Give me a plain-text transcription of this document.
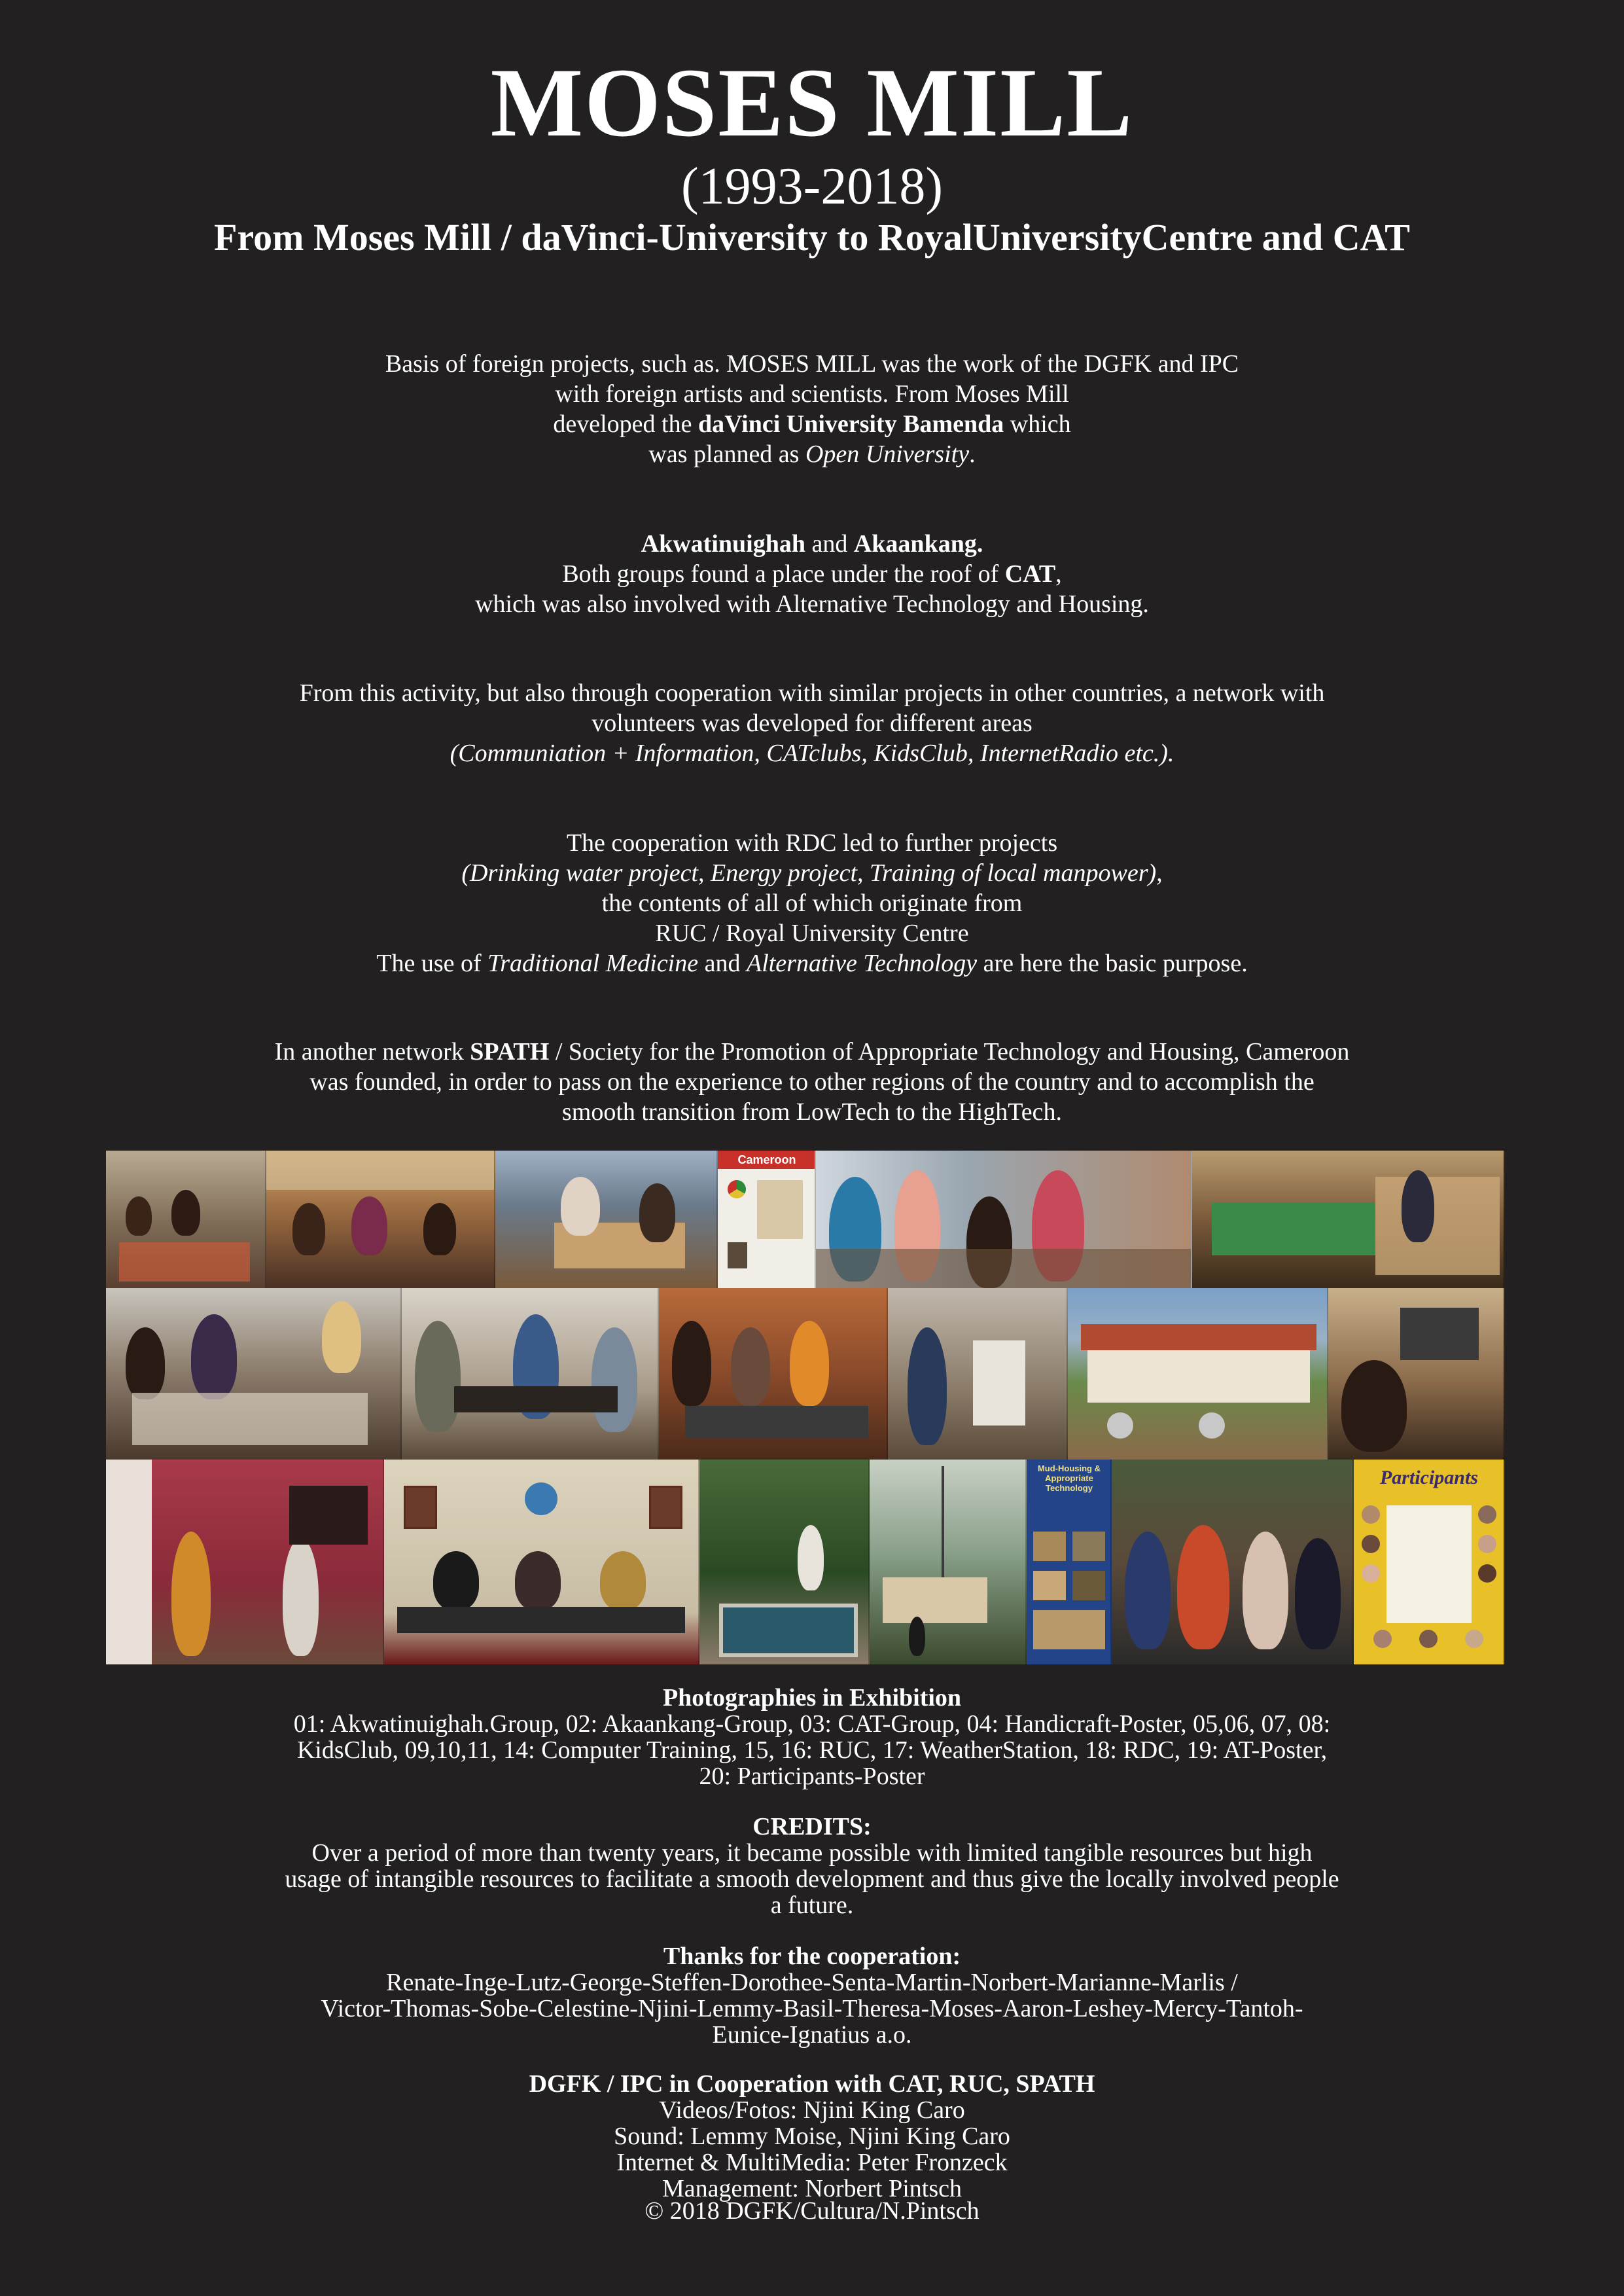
MOSES MILL
(1993-2018)
From Moses Mill / daVinci-University to RoyalUniversityCentre and CAT
Basis of foreign projects, such as. MOSES MILL was the work of the DGFK and IPC
with foreign artists and scientists. From Moses Mill
developed the daVinci University Bamenda which
was planned as Open University.
Akwatinuighah and Akaankang.
Both groups found a place under the roof of CAT,
which was also involved with Alternative Technology and Housing.
From this activity, but also through cooperation with similar projects in other countries, a network with
volunteers was developed for different areas
(Communiation + Information, CATclubs, KidsClub, InternetRadio etc.).
The cooperation with RDC led to further projects
(Drinking water project, Energy project, Training of local manpower),
the contents of all of which originate from
RUC / Royal University Centre
The use of Traditional Medicine and Alternative Technology are here the basic purpose.
In another network SPATH / Society for the Promotion of Appropriate Technology and Housing, Cameroon
was founded, in order to pass on the experience to other regions of the country and to accomplish the
smooth transition from LowTech to the HighTech.
Cameroon
Mud-Housing & Appropriate Technology	Participants
Photographies in Exhibition
01: Akwatinuighah.Group, 02: Akaankang-Group, 03: CAT-Group, 04: Handicraft-Poster, 05,06, 07, 08:
KidsClub, 09,10,11, 14: Computer Training, 15, 16: RUC, 17: WeatherStation, 18: RDC, 19: AT-Poster,
20: Participants-Poster
CREDITS:
Over a period of more than twenty years, it became possible with limited tangible resources but high
usage of intangible resources to facilitate a smooth development and thus give the locally involved people
a future.
Thanks for the cooperation:
Renate-Inge-Lutz-George-Steffen-Dorothee-Senta-Martin-Norbert-Marianne-Marlis /
Victor-Thomas-Sobe-Celestine-Njini-Lemmy-Basil-Theresa-Moses-Aaron-Leshey-Mercy-Tantoh-
Eunice-Ignatius a.o.
DGFK / IPC in Cooperation with CAT, RUC, SPATH
Videos/Fotos: Njini King Caro
Sound: Lemmy Moise, Njini King Caro
Internet & MultiMedia: Peter Fronzeck
Management: Norbert Pintsch
© 2018 DGFK/Cultura/N.Pintsch
